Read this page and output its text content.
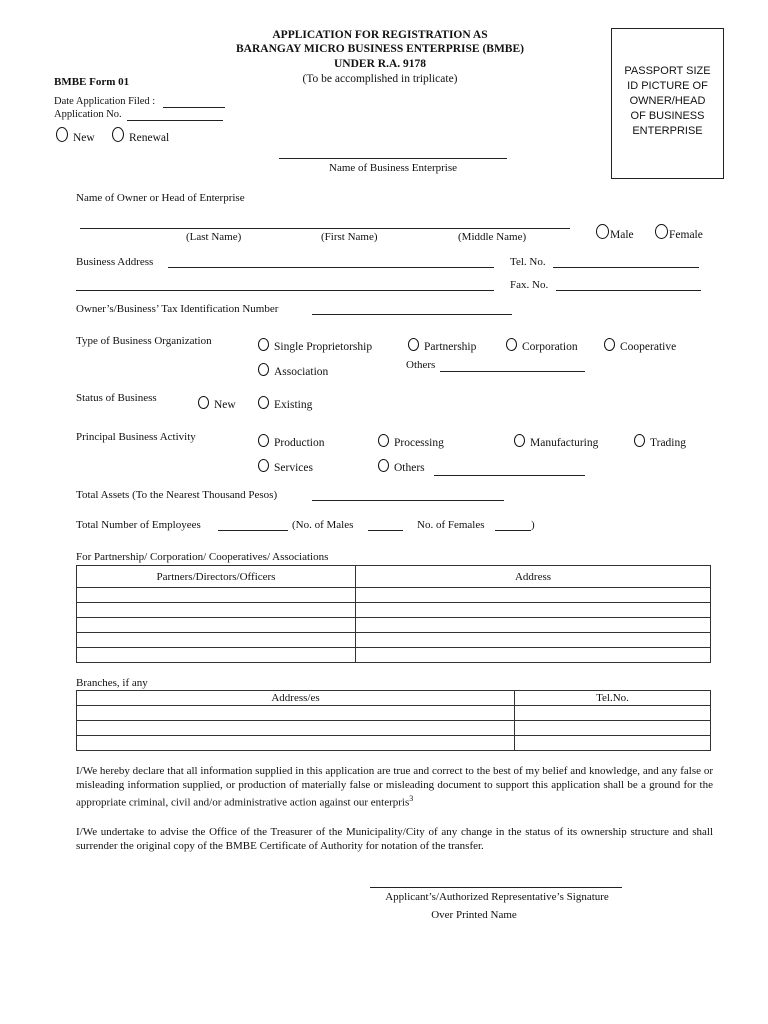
APPLICATION FOR REGISTRATION AS
BARANGAY MICRO BUSINESS ENTERPRISE (BMBE)
UNDER R.A. 9178
(To be accomplished in triplicate)
BMBE Form 01
Date Application Filed :
Application No.
New	Renewal
PASSPORT SIZE
ID PICTURE OF
OWNER/HEAD
OF BUSINESS
ENTERPRISE
Name of Business Enterprise
Name of Owner or Head of Enterprise
(Last Name)	(First Name)	(Middle Name)	Male	Female
Business Address	Tel. No.
Fax. No.
Owner’s/Business’ Tax Identification Number
Type of Business Organization	Single Proprietorship	Partnership	Corporation	Cooperative
Association
Others
Status of Business
New	Existing
Principal Business Activity	Production	Processing	Manufacturing	Trading
Services	Others
Total Assets (To the Nearest Thousand Pesos)
Total Number of Employees	(No. of Males	No. of Females	)
For Partnership/ Corporation/ Cooperatives/ Associations
Partners/Directors/Officers	Address

Branches, if any
Address/es	Tel.No.

I/We hereby declare that all information supplied in this application are true and correct to the best of my belief and knowledge, and any false or misleading information supplied, or production of materially false or misleading document to support this application shall be a ground for the appropriate criminal, civil and/or administrative action against our enterpris$^3$
I/We undertake to advise the Office of the Treasurer of the Municipality/City of any change in the status of its ownership structure and shall surrender the original copy of the BMBE Certificate of Authority for notation of the transfer.
Applicant’s/Authorized Representative’s Signature
Over Printed Name
